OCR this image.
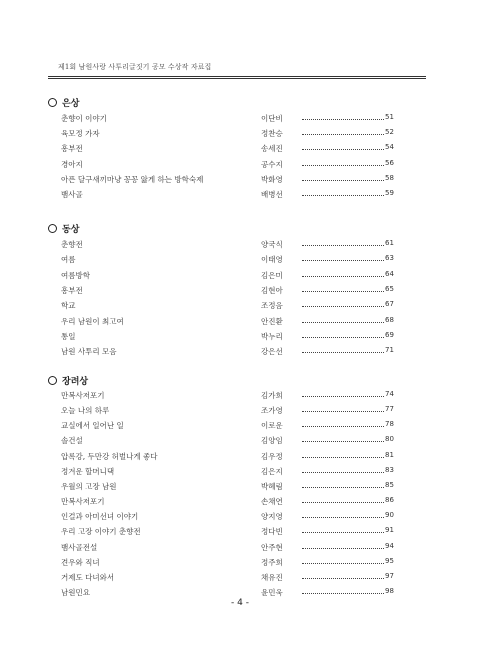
제1회 남원사랑 사투리글짓기 공모 수상작 자료집
은상
춘향이 이야기	이단비	51
육모정 가자	정찬승	52
흥부전	송세진	54
경아지	공수지	56
아픈 달구새끼마냥 꽁꽁 앓게 하는 방학숙제	박화영	58
뱀사골	배병선	59
동상
춘향전	양국식	61
여름	이태영	63
여름방학	김은미	64
흥부전	김현아	65
학교	조정음	67
우리 남원이 최고여	안진환	68
통일	박누리	69
남원 사투리 모음	강은선	71
장려상
만복사저포기	김가희	74
오늘 나의 하루	조가영	77
교실에서 일어난 일	이로운	78
솔건설	김양임	80
압록강, 두만강 허벌나게 좋다	김우정	81
정겨운 할머니댁	김은지	83
우월의 고장 남원	박혜림	85
만복사저포기	손채연	86
인걸과 아미선녀 이야기	양지영	90
우리 고장 이야기 춘향전	정다빈	91
뱀사골전설	안주현	94
견우와 직녀	정주희	95
거제도 다녀와서	채유진	97
남원민요	윤민욱	98
- 4 -
